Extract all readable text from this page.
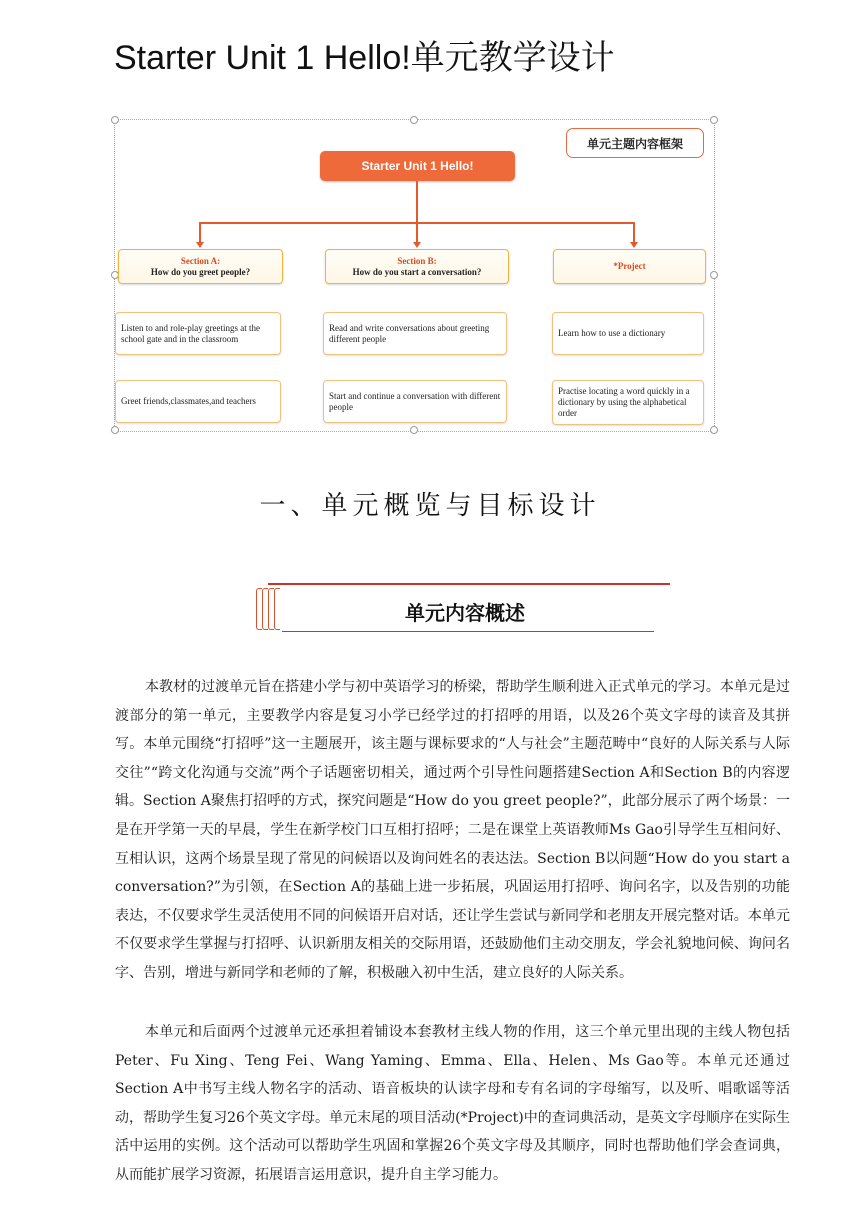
Starter Unit 1 Hello!单元教学设计
单元主题内容框架
Starter Unit 1 Hello!
Section A:
How do you greet people?
Section B:
How do you start a conversation?
*Project
Listen to and role-play greetings at the school gate and in the classroom
Greet friends,classmates,and teachers
Read and write conversations about greeting different people
Start and continue a conversation with different people
Learn how to use a dictionary
Practise locating a word quickly in a dictionary by using the alphabetical order
一、单元概览与目标设计
单元内容概述

本教材的过渡单元旨在搭建小学与初中英语学习的桥梁，帮助学生顺利进入正式单元的学习。本单元是过渡部分的第一单元，主要教学内容是复习小学已经学过的打招呼的用语，以及26个英文字母的读音及其拼写。本单元围绕“打招呼”这一主题展开，该主题与课标要求的“人与社会”主题范畴中“良好的人际关系与人际交往”“跨文化沟通与交流”两个子话题密切相关，通过两个引导性问题搭建Section A和Section B的内容逻辑。Section A聚焦打招呼的方式，探究问题是“How do you greet people?”，此部分展示了两个场景：一是在开学第一天的早晨，学生在新学校门口互相打招呼；二是在课堂上英语教师Ms Gao引导学生互相问好、互相认识，这两个场景呈现了常见的问候语以及询问姓名的表达法。Section B以问题“How do you start a conversation?”为引领，在Section A的基础上进一步拓展，巩固运用打招呼、询问名字，以及告别的功能表达，不仅要求学生灵活使用不同的问候语开启对话，还让学生尝试与新同学和老朋友开展完整对话。本单元不仅要求学生掌握与打招呼、认识新朋友相关的交际用语，还鼓励他们主动交朋友，学会礼貌地问候、询问名字、告别，增进与新同学和老师的了解，积极融入初中生活，建立良好的人际关系。

本单元和后面两个过渡单元还承担着铺设本套教材主线人物的作用，这三个单元里出现的主线人物包括Peter、Fu Xing、Teng Fei、Wang Yaming、Emma、Ella、Helen、Ms Gao等。本单元还通过Section A中书写主线人物名字的活动、语音板块的认读字母和专有名词的字母缩写，以及听、唱歌谣等活动，帮助学生复习26个英文字母。单元末尾的项目活动(*Project)中的查词典活动，是英文字母顺序在实际生活中运用的实例。这个活动可以帮助学生巩固和掌握26个英文字母及其顺序，同时也帮助他们学会查词典，从而能扩展学习资源，拓展语言运用意识，提升自主学习能力。
